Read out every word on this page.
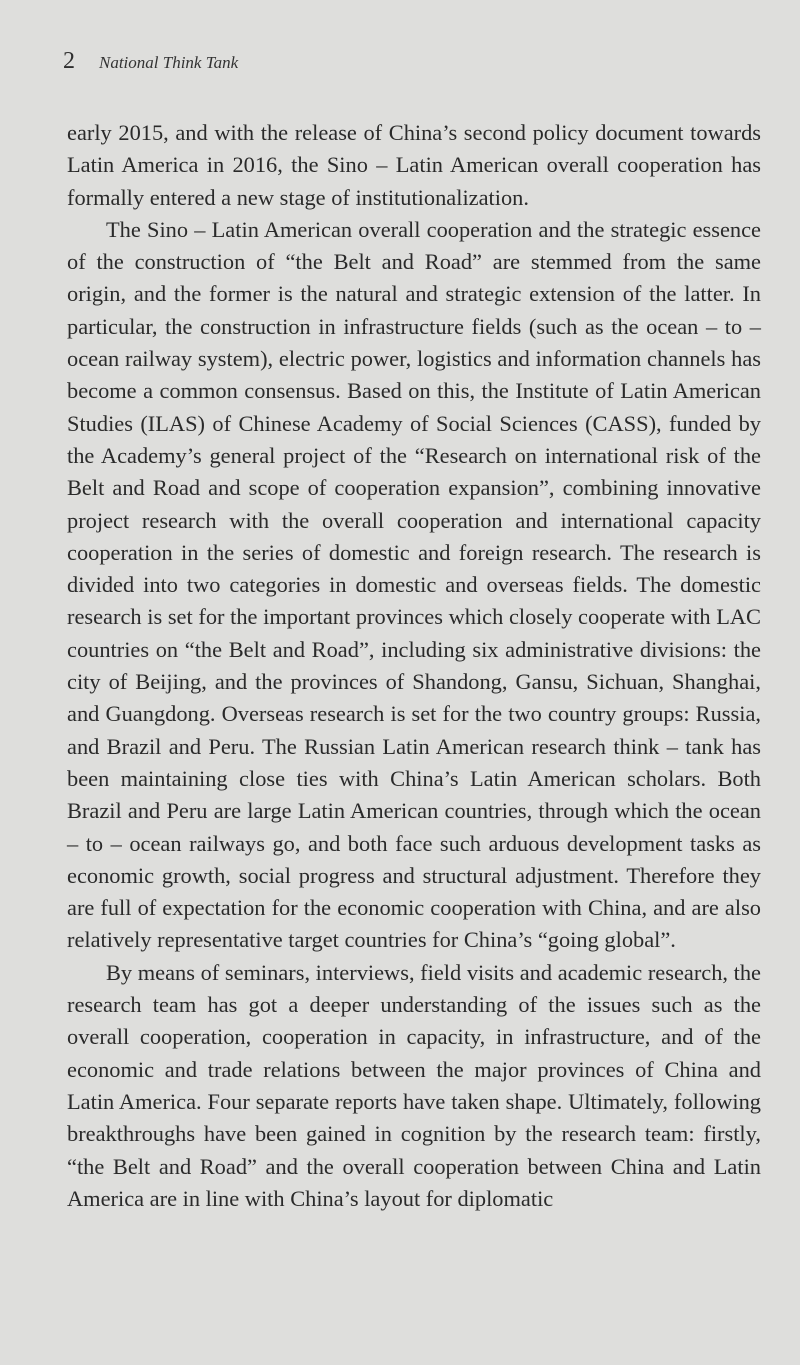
2 National Think Tank

early 2015, and with the release of China’s second policy document towards Latin America in 2016, the Sino – Latin American overall cooperation has formally entered a new stage of institutionalization.

The Sino – Latin American overall cooperation and the strategic essence of the construction of “the Belt and Road” are stemmed from the same origin, and the former is the natural and strategic extension of the latter. In particular, the construction in infrastructure fields (such as the ocean – to – ocean railway system), electric power, logistics and information channels has become a common consensus. Based on this, the Institute of Latin American Studies (ILAS) of Chinese Academy of Social Sciences (CASS), funded by the Academy’s general project of the “Research on international risk of the Belt and Road and scope of cooperation expansion”, combining innovative project research with the overall cooperation and international capacity cooperation in the series of domestic and foreign research. The research is divided into two categories in domestic and overseas fields. The domestic research is set for the important provinces which closely cooperate with LAC countries on “the Belt and Road”, including six administrative divisions: the city of Beijing, and the provinces of Shandong, Gansu, Sichuan, Shanghai, and Guangdong. Overseas research is set for the two country groups: Russia, and Brazil and Peru. The Russian Latin American research think – tank has been maintaining close ties with China’s Latin American scholars. Both Brazil and Peru are large Latin American countries, through which the ocean – to – ocean railways go, and both face such arduous development tasks as economic growth, social progress and structural adjustment. Therefore they are full of expectation for the economic cooperation with China, and are also relatively representative target countries for China’s “going global”.

By means of seminars, interviews, field visits and academic research, the research team has got a deeper understanding of the issues such as the overall cooperation, cooperation in capacity, in infrastructure, and of the economic and trade relations between the major provinces of China and Latin America. Four separate reports have taken shape. Ultimately, following breakthroughs have been gained in cognition by the research team: firstly, “the Belt and Road” and the overall cooperation between China and Latin America are in line with China’s layout for diplomatic
